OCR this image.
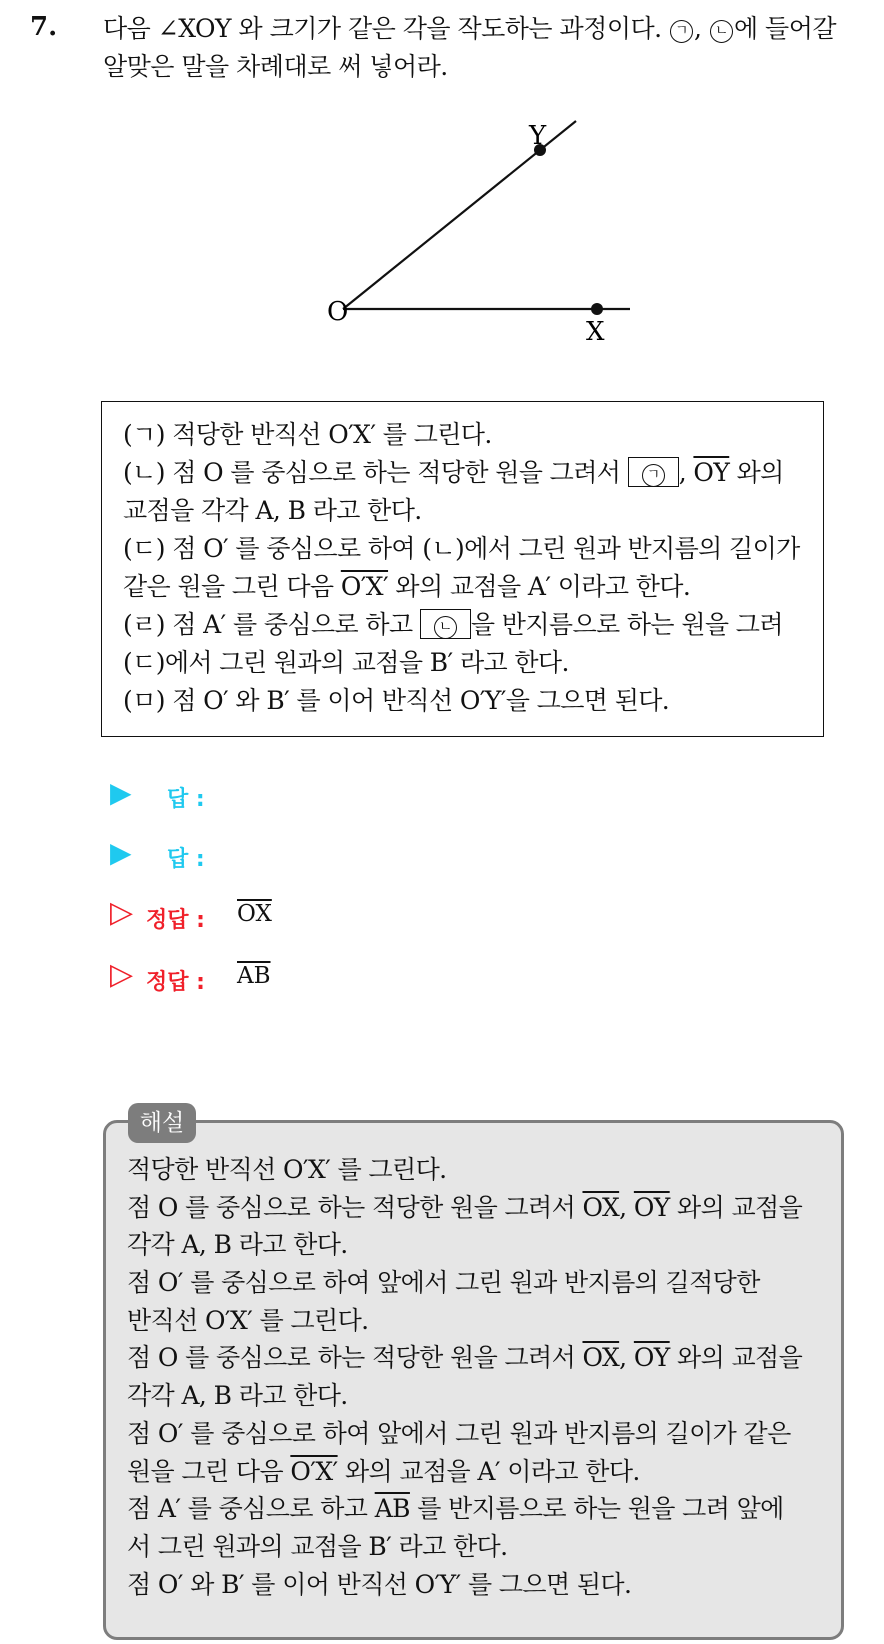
7. 다음 ∠XOY 와 크기가 같은 각을 작도하는 과정이다. ㄱ , ㄴ 에 들어갈
알맞은 말을 차례대로 써 넣어라.
Y
O
X
(ㄱ) 적당한 반직선 O′X′ 를 그린다.
(ㄴ) 점 O 를 중심으로 하는 적당한 원을 그려서 ㄱ , $\overline{OY}$ 와의
교점을 각각 A, B 라고 한다.
(ㄷ) 점 O′ 를 중심으로 하여 (ㄴ)에서 그린 원과 반지름의 길이가
같은 원을 그린 다음 O′X′ 와의 교점을 A′ 이라고 한다.
(ㄹ) 점 A′ 를 중심으로 하고 ㄴ 을 반지름으로 하는 원을 그려
(ㄷ)에서 그린 원과의 교점을 B′ 라고 한다.
(ㅁ) 점 O′ 와 B′ 를 이어 반직선 O′Y′을 그으면 된다.
▶ 답 :
▶ 답 :
▷ 정답 : $\overline{OX}$
▷ 정답 : $\overline{AB}$
적당한 반직선 O′X′ 를 그린다.
점 O 를 중심으로 하는 적당한 원을 그려서 $\overline{OX}$, $\overline{OY}$ 와의 교점을
각각 A, B 라고 한다.
점 O′ 를 중심으로 하여 앞에서 그린 원과 반지름의 길적당한
반직선 O′X′ 를 그린다.
점 O 를 중심으로 하는 적당한 원을 그려서 $\overline{OX}$, $\overline{OY}$ 와의 교점을
각각 A, B 라고 한다.
점 O′ 를 중심으로 하여 앞에서 그린 원과 반지름의 길이가 같은
원을 그린 다음 O′X′ 와의 교점을 A′ 이라고 한다.
점 A′ 를 중심으로 하고 $\overline{AB}$ 를 반지름으로 하는 원을 그려 앞에
서 그린 원과의 교점을 B′ 라고 한다.
점 O′ 와 B′ 를 이어 반직선 O′Y′ 를 그으면 된다.
해설
